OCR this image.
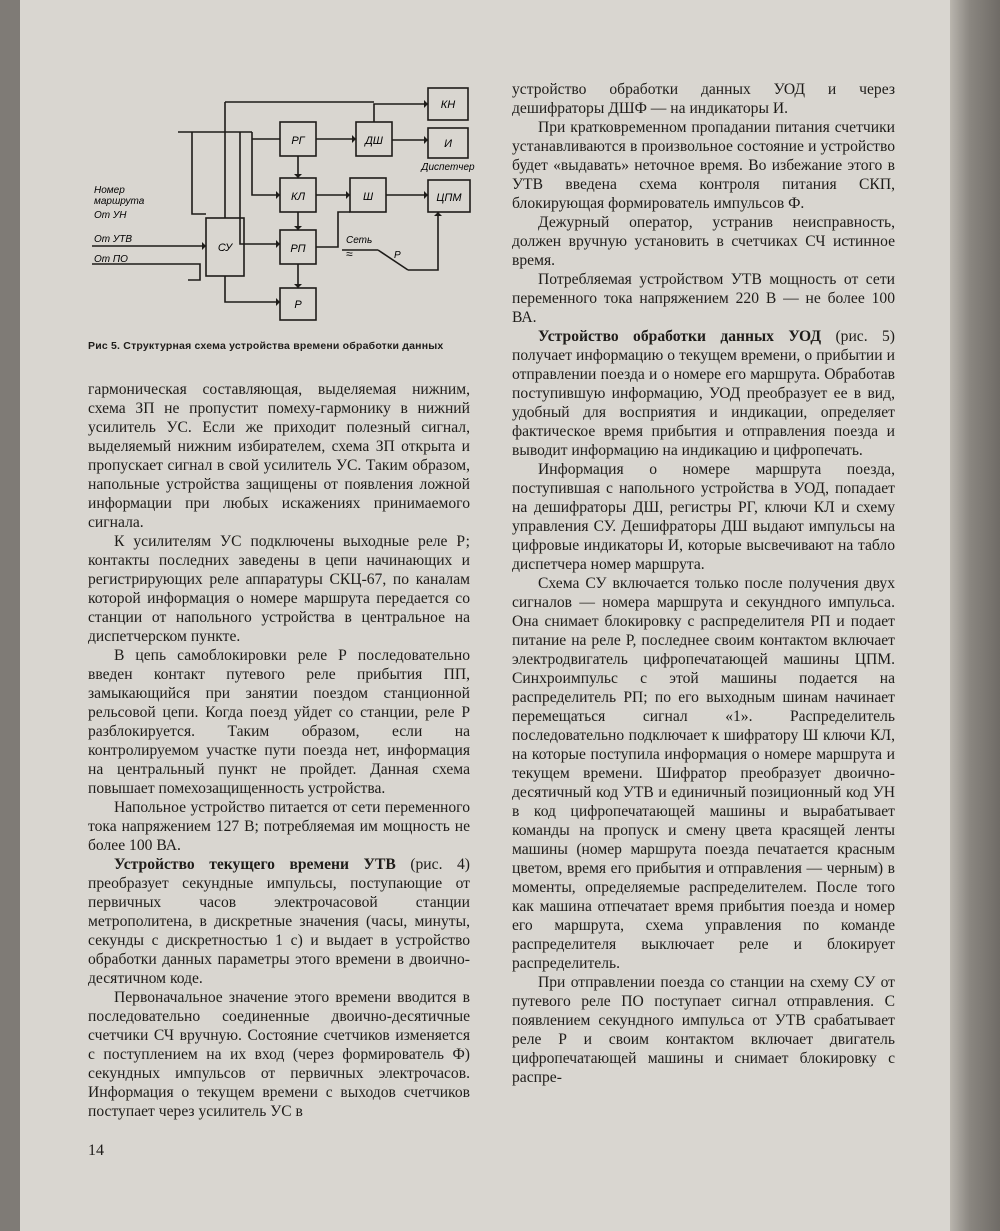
РГ	ДШ
КН
И
Диспетчер
КЛ	Ш	ЦПМ
СУ	РП
Р
Номер
маршрута
От УН
От УТВ
От ПО
Сеть
≈	Р
Рис 5. Структурная схема устройства времени обработки данных

гармоническая составляющая, выделяемая нижним, схема ЗП не пропустит помеху-гармонику в нижний усилитель УС. Если же приходит полезный сигнал, выделяемый нижним избирателем, схема ЗП открыта и пропускает сигнал в свой усилитель УС. Таким образом, напольные устройства защищены от появления ложной информации при любых искажениях принимаемого сигнала.

К усилителям УС подключены выходные реле Р; контакты последних заведены в цепи начинающих и регистрирующих реле аппаратуры СКЦ-67, по каналам которой информация о номере маршрута передается со станции от напольного устройства в центральное на диспетчерском пункте.

В цепь самоблокировки реле Р последовательно введен контакт путевого реле прибытия ПП, замыкающийся при занятии поездом станционной рельсовой цепи. Когда поезд уйдет со станции, реле Р разблокируется. Таким образом, если на контролируемом участке пути поезда нет, информация на центральный пункт не пройдет. Данная схема повышает помехозащищенность устройства.

Напольное устройство питается от сети переменного тока напряжением 127 В; потребляемая им мощность не более 100 ВА.

Устройство текущего времени УТВ (рис. 4) преобразует секундные импульсы, поступающие от первичных часов электрочасовой станции метрополитена, в дискретные значения (часы, минуты, секунды с дискретностью 1 с) и выдает в устройство обработки данных параметры этого времени в двоично-десятичном коде.

Первоначальное значение этого времени вводится в последовательно соединенные двоично-десятичные счетчики СЧ вручную. Состояние счетчиков изменяется с поступлением на их вход (через формирователь Ф) секундных импульсов от первичных электрочасов. Информация о текущем времени с выходов счетчиков поступает через усилитель УС в

14

устройство обработки данных УОД и через дешифраторы ДШФ — на индикаторы И.

При кратковременном пропадании питания счетчики устанавливаются в произвольное состояние и устройство будет «выдавать» неточное время. Во избежание этого в УТВ введена схема контроля питания СКП, блокирующая формирователь импульсов Ф.

Дежурный оператор, устранив неисправность, должен вручную установить в счетчиках СЧ истинное время.

Потребляемая устройством УТВ мощность от сети переменного тока напряжением 220 В — не более 100 ВА.

Устройство обработки данных УОД (рис. 5) получает информацию о текущем времени, о прибытии и отправлении поезда и о номере его маршрута. Обработав поступившую информацию, УОД преобразует ее в вид, удобный для восприятия и индикации, определяет фактическое время прибытия и отправления поезда и выводит информацию на индикацию и цифропечать.

Информация о номере маршрута поезда, поступившая с напольного устройства в УОД, попадает на дешифраторы ДШ, регистры РГ, ключи КЛ и схему управления СУ. Дешифраторы ДШ выдают импульсы на цифровые индикаторы И, которые высвечивают на табло диспетчера номер маршрута.

Схема СУ включается только после получения двух сигналов — номера маршрута и секундного импульса. Она снимает блокировку с распределителя РП и подает питание на реле Р, последнее своим контактом включает электродвигатель цифропечатающей машины ЦПМ. Синхроимпульс с этой машины подается на распределитель РП; по его выходным шинам начинает перемещаться сигнал «1». Распределитель последовательно подключает к шифратору Ш ключи КЛ, на которые поступила информация о номере маршрута и текущем времени. Шифратор преобразует двоично-десятичный код УТВ и единичный позиционный код УН в код цифропечатающей машины и вырабатывает команды на пропуск и смену цвета красящей ленты машины (номер маршрута поезда печатается красным цветом, время его прибытия и отправления — черным) в моменты, определяемые распределителем. После того как машина отпечатает время прибытия поезда и номер его маршрута, схема управления по команде распределителя выключает реле и блокирует распределитель.

При отправлении поезда со станции на схему СУ от путевого реле ПО поступает сигнал отправления. С появлением секундного импульса от УТВ срабатывает реле Р и своим контактом включает двигатель цифропечатающей машины и снимает блокировку с распре-
